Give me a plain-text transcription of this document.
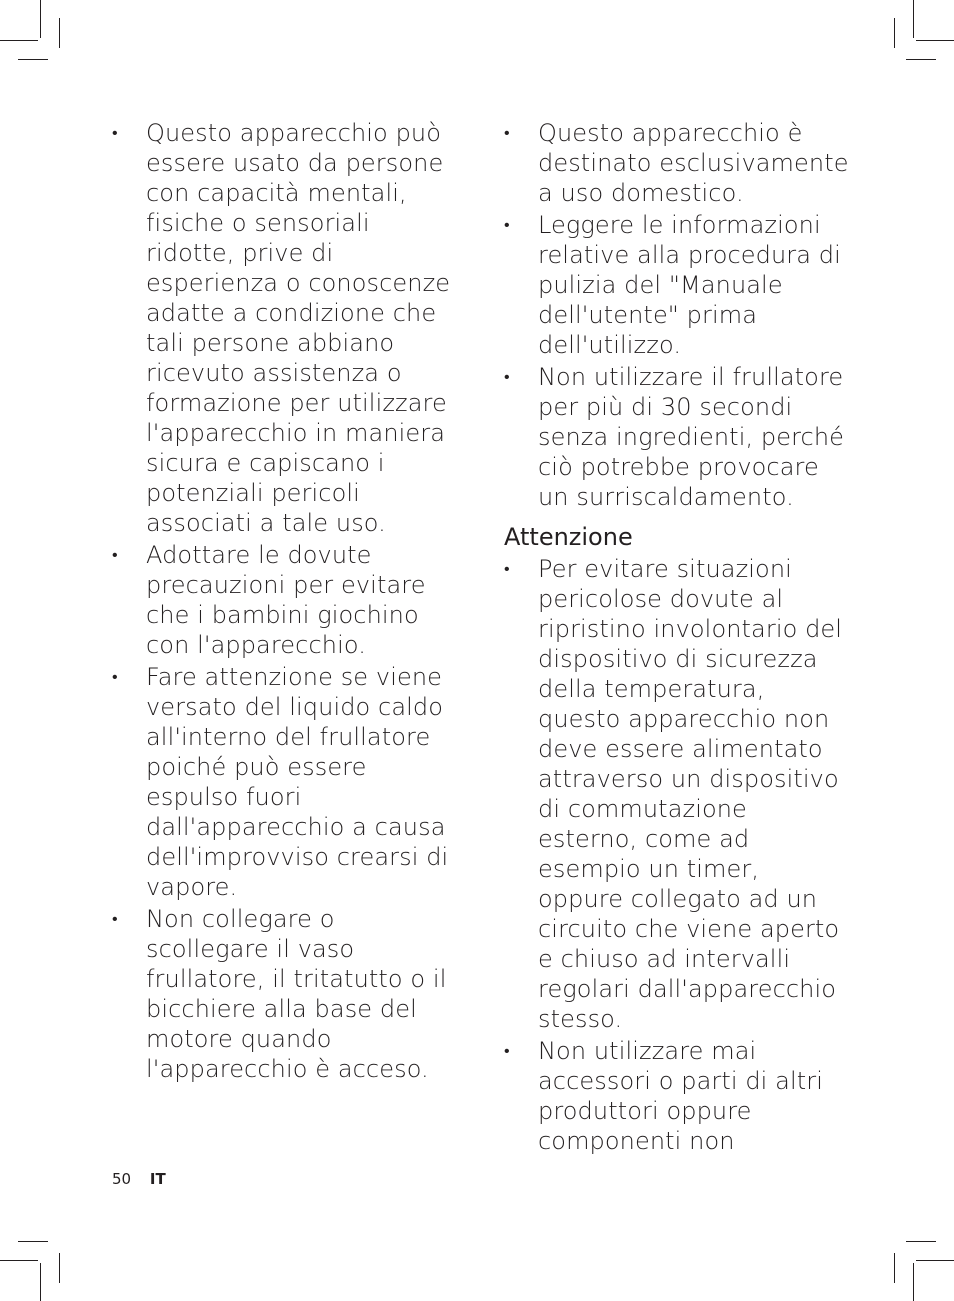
• Questo apparecchio può essere usato da persone con capacità mentali, fisiche o sensoriali ridotte, prive di esperienza o conoscenze adatte a condizione che tali persone abbiano ricevuto assistenza o formazione per utilizzare l'apparecchio in maniera sicura e capiscano i potenziali pericoli associati a tale uso.
• Adottare le dovute precauzioni per evitare che i bambini giochino con l'apparecchio.
• Fare attenzione se viene versato del liquido caldo all'interno del frullatore poiché può essere espulso fuori dall'apparecchio a causa dell'improvviso crearsi di vapore.
• Non collegare o scollegare il vaso frullatore, il tritatutto o il bicchiere alla base del motore quando l'apparecchio è acceso.
• Questo apparecchio è destinato esclusivamente a uso domestico.
• Leggere le informazioni relative alla procedura di pulizia del "Manuale dell'utente" prima dell'utilizzo.
• Non utilizzare il frullatore per più di 30 secondi senza ingredienti, perché ciò potrebbe provocare un surriscaldamento.
Attenzione
• Per evitare situazioni pericolose dovute al ripristino involontario del dispositivo di sicurezza della temperatura, questo apparecchio non deve essere alimentato attraverso un dispositivo di commutazione esterno, come ad esempio un timer, oppure collegato ad un circuito che viene aperto e chiuso ad intervalli regolari dall'apparecchio stesso.
• Non utilizzare mai accessori o parti di altri produttori oppure componenti non
50 IT
